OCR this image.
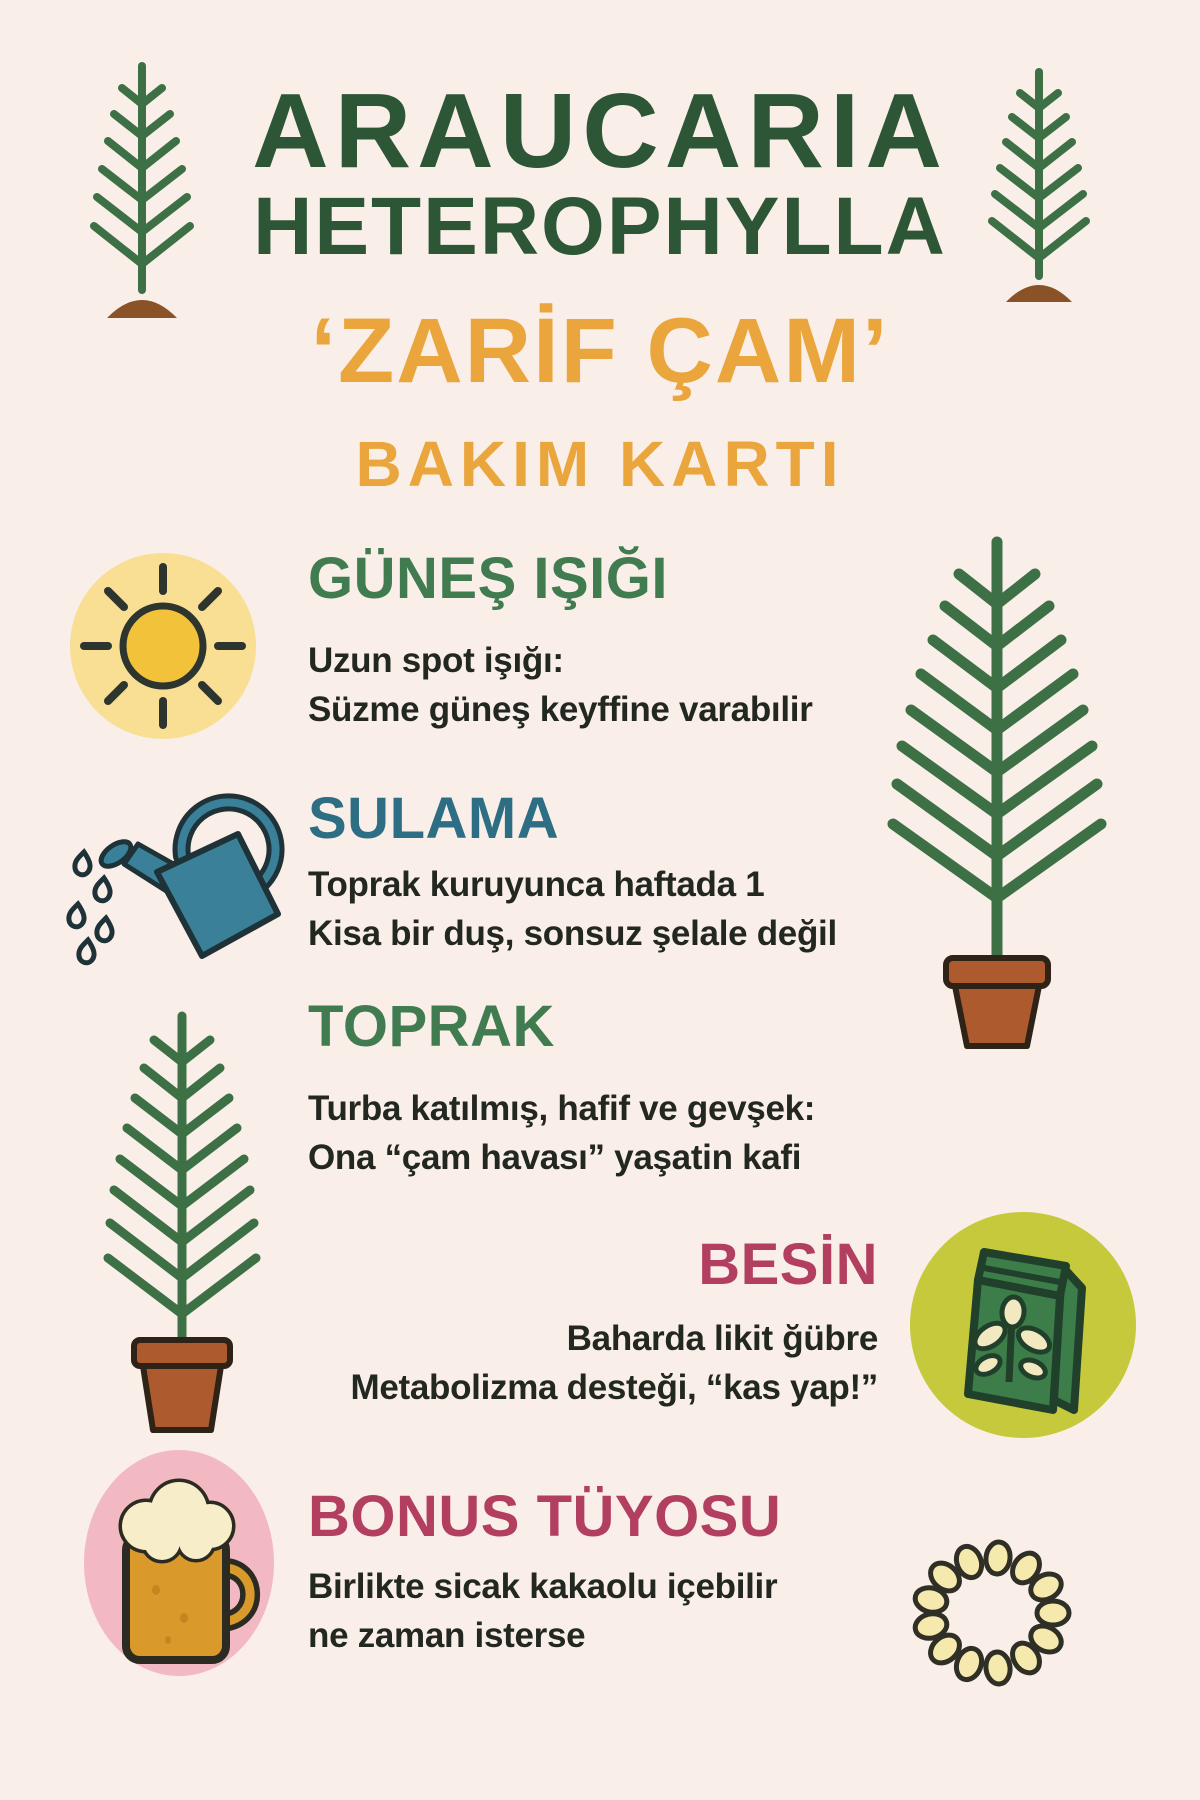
ARAUCARIA
HETEROPHYLLA
‘ZARİF ÇAM’
BAKIM KARTI
GÜNEŞ IŞIĞI
Uzun spot işığı:
Süzme güneş keyffine varabılir
SULAMA
Toprak kuruyunca haftada 1
Kisa bir duş, sonsuz şelale değil
TOPRAK
Turba katılmış, hafif ve gevşek:
Ona “çam havası” yaşatin kafi
BESİN
Baharda likit ğübre
Metabolizma desteği, “kas yap!”
BONUS TÜYOSU
Birlikte sicak kakaolu içebilir
ne zaman isterse
